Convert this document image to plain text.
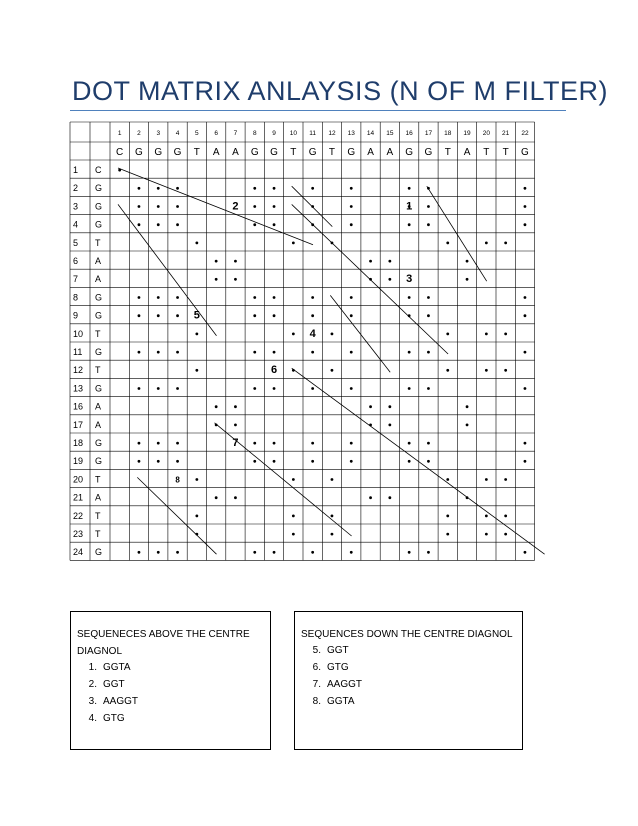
DOT MATRIX ANLAYSIS (N OF M FILTER)
1 2 3 4 5 6 7 8 9 10 11 12 13 14 15 16 17 18 19 20 21 22
C G G G T A A G G T G T G A A G G T A T T G
1
2
3
4
5
6
7
8
9
10
11
12
13
16
17
18
19
20
21
22
23
24
C
G
G
G
T
A
A
G
G
T
G
T
G
A
A
G
G
T
A
T
T
G
1
2
3
4
5
6
7
8
SEQUENECES ABOVE THE CENTRE DIAGNOL
1. GGTA
2. GGT
3. AAGGT
4. GTG
SEQUENCES DOWN THE CENTRE DIAGNOL
5. GGT
6. GTG
7. AAGGT
8. GGTA
